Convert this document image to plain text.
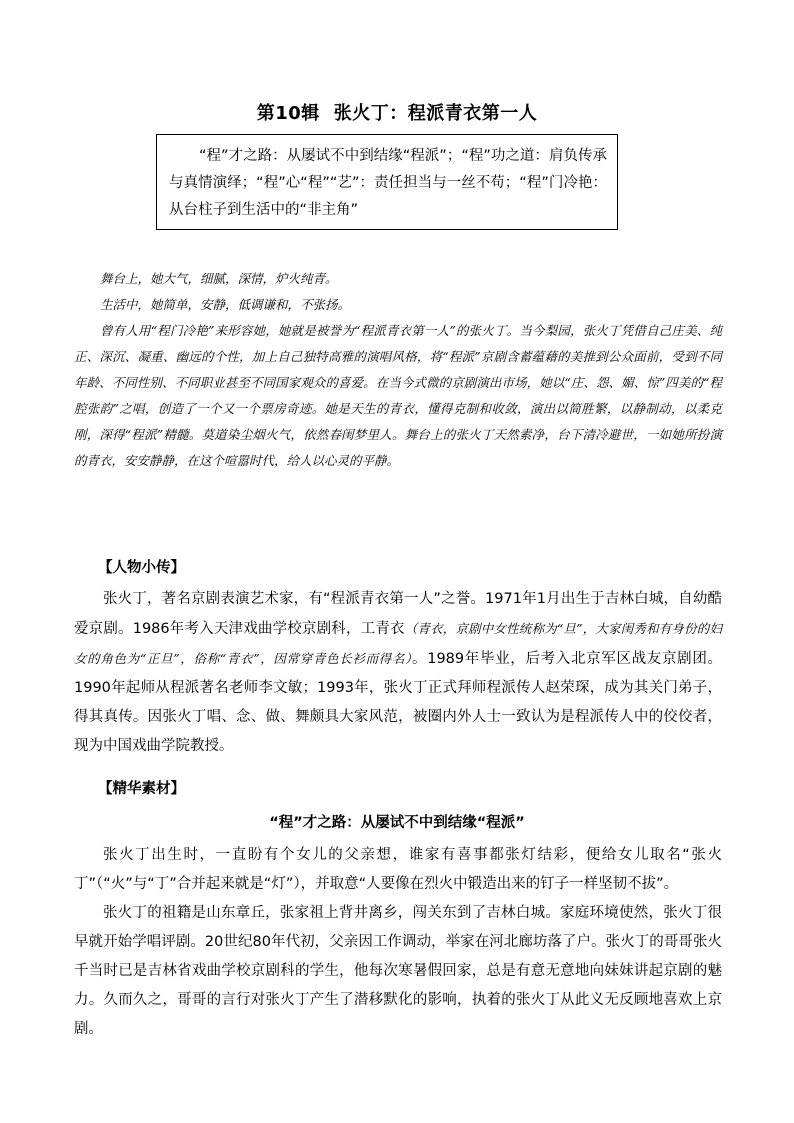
第10辑 张火丁：程派青衣第一人
“程”才之路：从屡试不中到结缘“程派”；“程”功之道：肩负传承与真情演绎；“程”心“程”“艺”：责任担当与一丝不苟；“程”门冷艳：从台柱子到生活中的“非主角”

舞台上，她大气，细腻，深情，炉火纯青。

生活中，她简单，安静，低调谦和，不张扬。

曾有人用“程门冷艳”来形容她，她就是被誉为“程派青衣第一人”的张火丁。当今梨园，张火丁凭借自己庄美、纯正、深沉、凝重、幽远的个性，加上自己独特高雅的演唱风格，将“程派”京剧含蓄蕴藉的美推到公众面前，受到不同年龄、不同性别、不同职业甚至不同国家观众的喜爱。在当今式微的京剧演出市场，她以“庄、怨、媚、惊”四美的“程腔张韵”之唱，创造了一个又一个票房奇迹。她是天生的青衣，懂得克制和收敛，演出以简胜繁，以静制动，以柔克刚，深得“程派”精髓。莫道染尘烟火气，依然春闺梦里人。舞台上的张火丁天然素净，台下清冷避世，一如她所扮演的青衣，安安静静，在这个喧嚣时代，给人以心灵的平静。

【人物小传】

张火丁，著名京剧表演艺术家，有“程派青衣第一人”之誉。1971年1月出生于吉林白城，自幼酷爱京剧。1986年考入天津戏曲学校京剧科，工青衣（青衣，京剧中女性统称为“旦”，大家闺秀和有身份的妇女的角色为“正旦”，俗称“青衣”，因常穿青色长衫而得名）。1989年毕业，后考入北京军区战友京剧团。1990年起师从程派著名老师李文敏；1993年，张火丁正式拜师程派传人赵荣琛，成为其关门弟子，得其真传。因张火丁唱、念、做、舞颇具大家风范，被圈内外人士一致认为是程派传人中的佼佼者，现为中国戏曲学院教授。

【精华素材】
“程”才之路：从屡试不中到结缘“程派”

张火丁出生时，一直盼有个女儿的父亲想，谁家有喜事都张灯结彩，便给女儿取名“张火丁”（“火”与“丁”合并起来就是“灯”），并取意“人要像在烈火中锻造出来的钉子一样坚韧不拔”。

张火丁的祖籍是山东章丘，张家祖上背井离乡，闯关东到了吉林白城。家庭环境使然，张火丁很早就开始学唱评剧。20世纪80年代初，父亲因工作调动，举家在河北廊坊落了户。张火丁的哥哥张火千当时已是吉林省戏曲学校京剧科的学生，他每次寒暑假回家，总是有意无意地向妹妹讲起京剧的魅力。久而久之，哥哥的言行对张火丁产生了潜移默化的影响，执着的张火丁从此义无反顾地喜欢上京剧。
